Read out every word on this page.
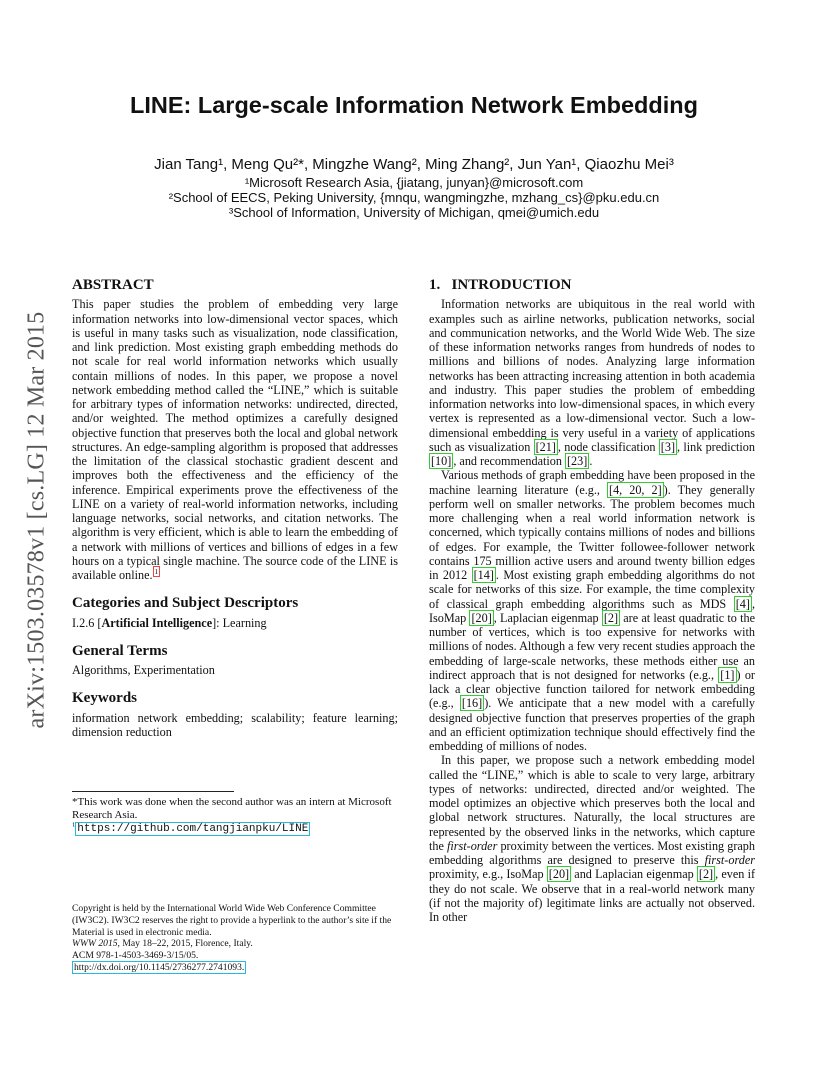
LINE: Large-scale Information Network Embedding
Jian Tang¹, Meng Qu²*, Mingzhe Wang², Ming Zhang², Jun Yan¹, Qiaozhu Mei³
¹Microsoft Research Asia, {jiatang, junyan}@microsoft.com
²School of EECS, Peking University, {mnqu, wangmingzhe, mzhang_cs}@pku.edu.cn
³School of Information, University of Michigan, qmei@umich.edu
arXiv:1503.03578v1 [cs.LG] 12 Mar 2015
ABSTRACT

This paper studies the problem of embedding very large information networks into low-dimensional vector spaces, which is useful in many tasks such as visualization, node classification, and link prediction. Most existing graph embedding methods do not scale for real world information networks which usually contain millions of nodes. In this paper, we propose a novel network embedding method called the “LINE,” which is suitable for arbitrary types of information networks: undirected, directed, and/or weighted. The method optimizes a carefully designed objective function that preserves both the local and global network structures. An edge-sampling algorithm is proposed that addresses the limitation of the classical stochastic gradient descent and improves both the effectiveness and the efficiency of the inference. Empirical experiments prove the effectiveness of the LINE on a variety of real-world information networks, including language networks, social networks, and citation networks. The algorithm is very efficient, which is able to learn the embedding of a network with millions of vertices and billions of edges in a few hours on a typical single machine. The source code of the LINE is available online. $^1$

Categories and Subject Descriptors

I.2.6 [Artificial Intelligence]: Learning

General Terms

Algorithms, Experimentation

Keywords

information network embedding; scalability; feature learning; dimension reduction

*This work was done when the second author was an intern at Microsoft Research Asia.
$^1$ https://github.com/tangjianpku/LINE
Copyright is held by the International World Wide Web Conference Committee (IW3C2). IW3C2 reserves the right to provide a hyperlink to the author’s site if the Material is used in electronic media.
WWW 2015, May 18–22, 2015, Florence, Italy.
ACM 978-1-4503-3469-3/15/05.
http://dx.doi.org/10.1145/2736277.2741093.
1.   INTRODUCTION

Information networks are ubiquitous in the real world with examples such as airline networks, publication networks, social and communication networks, and the World Wide Web. The size of these information networks ranges from hundreds of nodes to millions and billions of nodes. Analyzing large information networks has been attracting increasing attention in both academia and industry. This paper studies the problem of embedding information networks into low-dimensional spaces, in which every vertex is represented as a low-dimensional vector. Such a low-dimensional embedding is very useful in a variety of applications such as visualization [21] , node classification [3] , link prediction [10] , and recommendation [23] .

Various methods of graph embedding have been proposed in the machine learning literature (e.g., [4, 20, 2] ). They generally perform well on smaller networks. The problem becomes much more challenging when a real world information network is concerned, which typically contains millions of nodes and billions of edges. For example, the Twitter followee-follower network contains 175 million active users and around twenty billion edges in 2012 [14] . Most existing graph embedding algorithms do not scale for networks of this size. For example, the time complexity of classical graph embedding algorithms such as MDS [4] , IsoMap [20] , Laplacian eigenmap [2] are at least quadratic to the number of vertices, which is too expensive for networks with millions of nodes. Although a few very recent studies approach the embedding of large-scale networks, these methods either use an indirect approach that is not designed for networks (e.g., [1] ) or lack a clear objective function tailored for network embedding (e.g., [16] ). We anticipate that a new model with a carefully designed objective function that preserves properties of the graph and an efficient optimization technique should effectively find the embedding of millions of nodes.

In this paper, we propose such a network embedding model called the “LINE,” which is able to scale to very large, arbitrary types of networks: undirected, directed and/or weighted. The model optimizes an objective which preserves both the local and global network structures. Naturally, the local structures are represented by the observed links in the networks, which capture the first-order proximity between the vertices. Most existing graph embedding algorithms are designed to preserve this first-order proximity, e.g., IsoMap [20] and Laplacian eigenmap [2] , even if they do not scale. We observe that in a real-world network many (if not the majority of) legitimate links are actually not observed. In other
